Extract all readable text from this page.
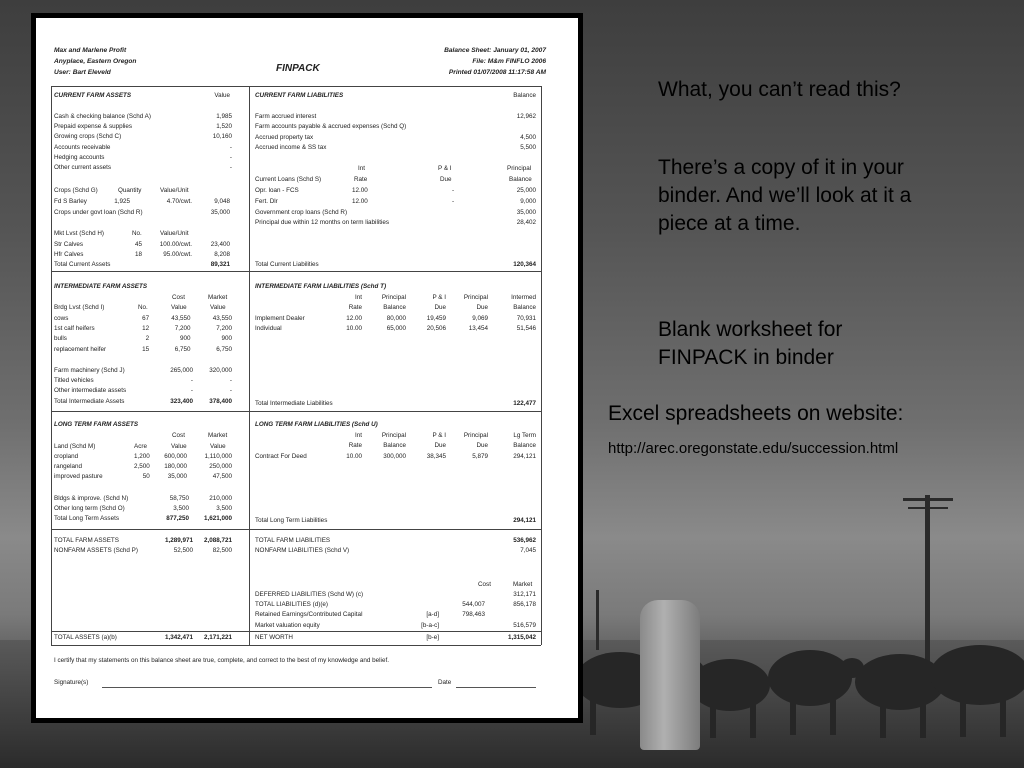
What, you can’t read this?
There’s a copy of it in your binder. And we’ll look at it a piece at a time.
Blank worksheet for FINPACK in binder
Excel spreadsheets on website:
http://arec.oregonstate.edu/succession.html
Max and Marlene Profit
Anyplace, Eastern Oregon
User: Bart Eleveld	FINPACK
Balance Sheet: January 01, 2007
File: M&m FINFLO 2006
Printed 01/07/2008 11:17:58 AM
CURRENT FARM ASSETS	Value
Cash & checking balance (Schd A)	1,985
Prepaid expense & supplies	1,520
Growing crops (Schd C)	10,160
Accounts receivable	-
Hedging accounts	-
Other current assets	-
Crops (Schd G)	Quantity	Value/Unit
Fd S Barley	1,925	4.70/cwt.	9,048
Crops under govt loan (Schd R)	35,000
Mkt Lvst (Schd H)	No.	Value/Unit
Str Calves	45	100.00/cwt.	23,400
Hfr Calves	18	95.00/cwt.	8,208
Total Current Assets	89,321
CURRENT FARM LIABILITIES	Balance
Farm accrued interest	12,962
Farm accounts payable & accrued expenses (Schd Q)
Accrued property tax	4,500
Accrued income & SS tax	5,500
Int	P & I	Principal
Current Loans (Schd S)	Rate	Due	Balance
Opr. loan - FCS	12.00	-	25,000
Fert. Dlr	12.00	-	9,000
Government crop loans (Schd R)	35,000
Principal due within 12 months on term liabilities	28,402
Total Current Liabilities	120,364
INTERMEDIATE FARM ASSETS
Cost	Market
Brdg Lvst (Schd I)	No.	Value	Value
cows	67	43,550	43,550
1st calf heifers	12	7,200	7,200
bulls	2	900	900
replacement heifer	15	6,750	6,750
Farm machinery (Schd J)	265,000	320,000
Titled vehicles	-	-
Other intermediate assets	-	-
Total Intermediate Assets	323,400	378,400
INTERMEDIATE FARM LIABILITIES (Schd T)
Int	Principal	P & I	Principal	Intermed
Rate	Balance	Due	Due	Balance
Implement Dealer	12.00	80,000	19,459	9,069	70,931
Individual	10.00	65,000	20,506	13,454	51,546
Total Intermediate Liabilities	122,477
LONG TERM FARM ASSETS
Cost	Market
Land (Schd M)	Acre	Value	Value
cropland	1,200	600,000	1,110,000
rangeland	2,500	180,000	250,000
improved pasture	50	35,000	47,500
Bldgs & improve. (Schd N)	58,750	210,000
Other long term (Schd O)	3,500	3,500
Total Long Term Assets	877,250	1,621,000
LONG TERM FARM LIABILITIES (Schd U)
Int	Principal	P & I	Principal	Lg Term
Rate	Balance	Due	Due	Balance
Contract For Deed	10.00	300,000	38,345	5,879	294,121
Total Long Term Liabilities	294,121
TOTAL FARM ASSETS	1,289,971	2,088,721
NONFARM ASSETS (Schd P)	52,500	82,500
TOTAL FARM LIABILITIES	536,962
NONFARM LIABILITIES (Schd V)	7,045
Cost	Market
DEFERRED LIABILITIES (Schd W) (c)			312,171
TOTAL LIABILITIES (d)(e)		544,007	856,178
Retained Earnings/Contributed Capital	[a-d]	798,463	
Market valuation equity	[b-a-c]		516,579
TOTAL ASSETS (a)(b)	1,342,471	2,171,221	NET WORTH	[b-e]		1,315,042
I certify that my statements on this balance sheet are true, complete, and correct to the best of my knowledge and belief.
Signature(s)	Date
